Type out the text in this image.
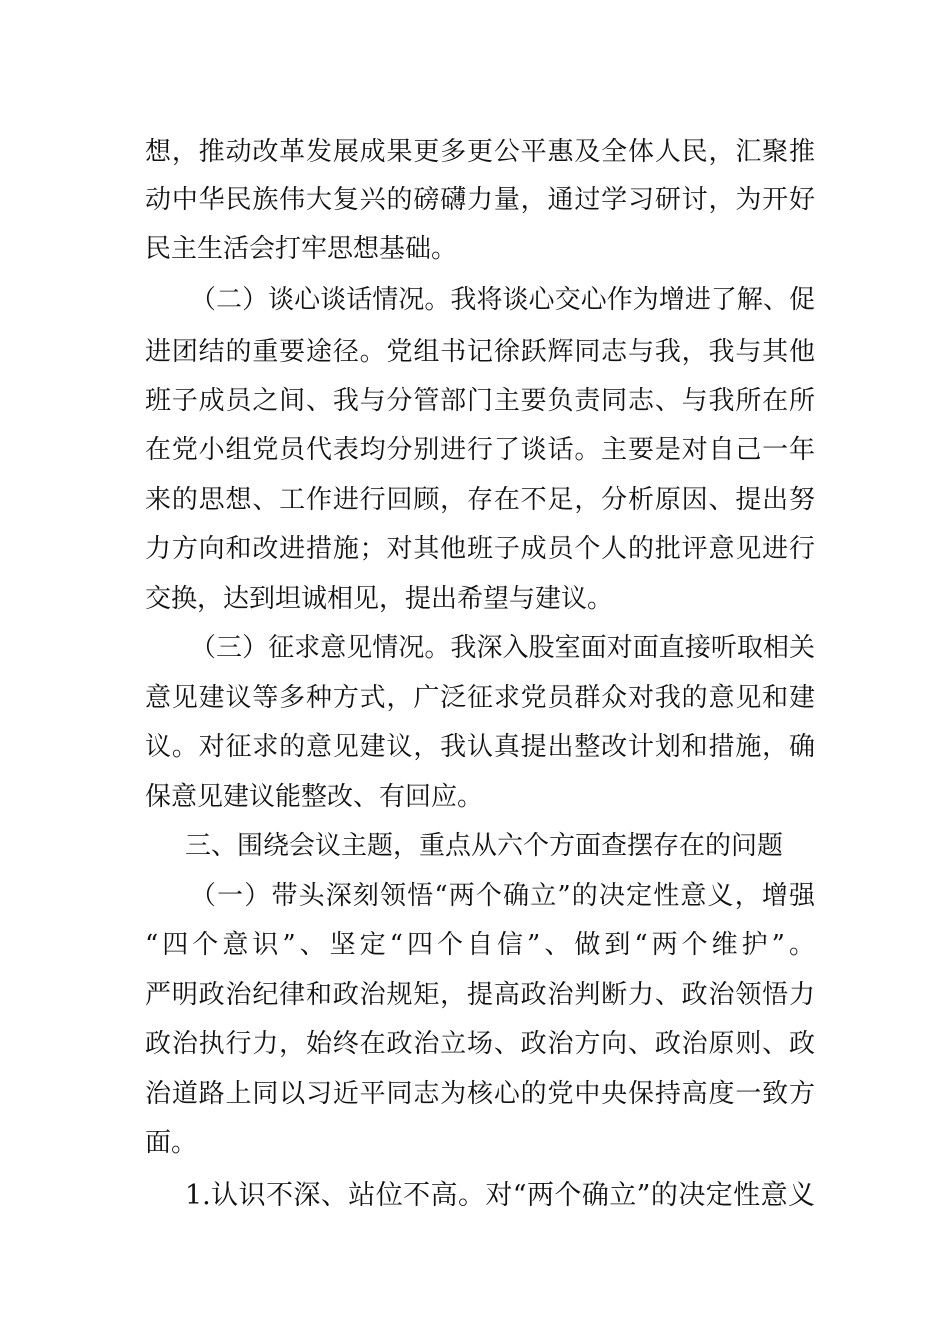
想，推动改革发展成果更多更公平惠及全体人民，汇聚推
动中华民族伟大复兴的磅礴力量，通过学习研讨，为开好
民主生活会打牢思想基础。
（二）谈心谈话情况。我将谈心交心作为增进了解、促
进团结的重要途径。党组书记徐跃辉同志与我，我与其他
班子成员之间、我与分管部门主要负责同志、与我所在所
在党小组党员代表均分别进行了谈话。主要是对自己一年
来的思想、工作进行回顾，存在不足，分析原因、提出努
力方向和改进措施；对其他班子成员个人的批评意见进行
交换，达到坦诚相见，提出希望与建议。
（三）征求意见情况。我深入股室面对面直接听取相关
意见建议等多种方式，广泛征求党员群众对我的意见和建
议。对征求的意见建议，我认真提出整改计划和措施，确
保意见建议能整改、有回应。
三、围绕会议主题，重点从六个方面查摆存在的问题
（一）带头深刻领悟“两个确立”的决定性意义，增强
“四个意识”、坚定“四个自信”、做到“两个维护”。
严明政治纪律和政治规矩，提高政治判断力、政治领悟力
政治执行力，始终在政治立场、政治方向、政治原则、政
治道路上同以习近平同志为核心的党中央保持高度一致方
面。
1.认识不深、站位不高。对“两个确立”的决定性意义
